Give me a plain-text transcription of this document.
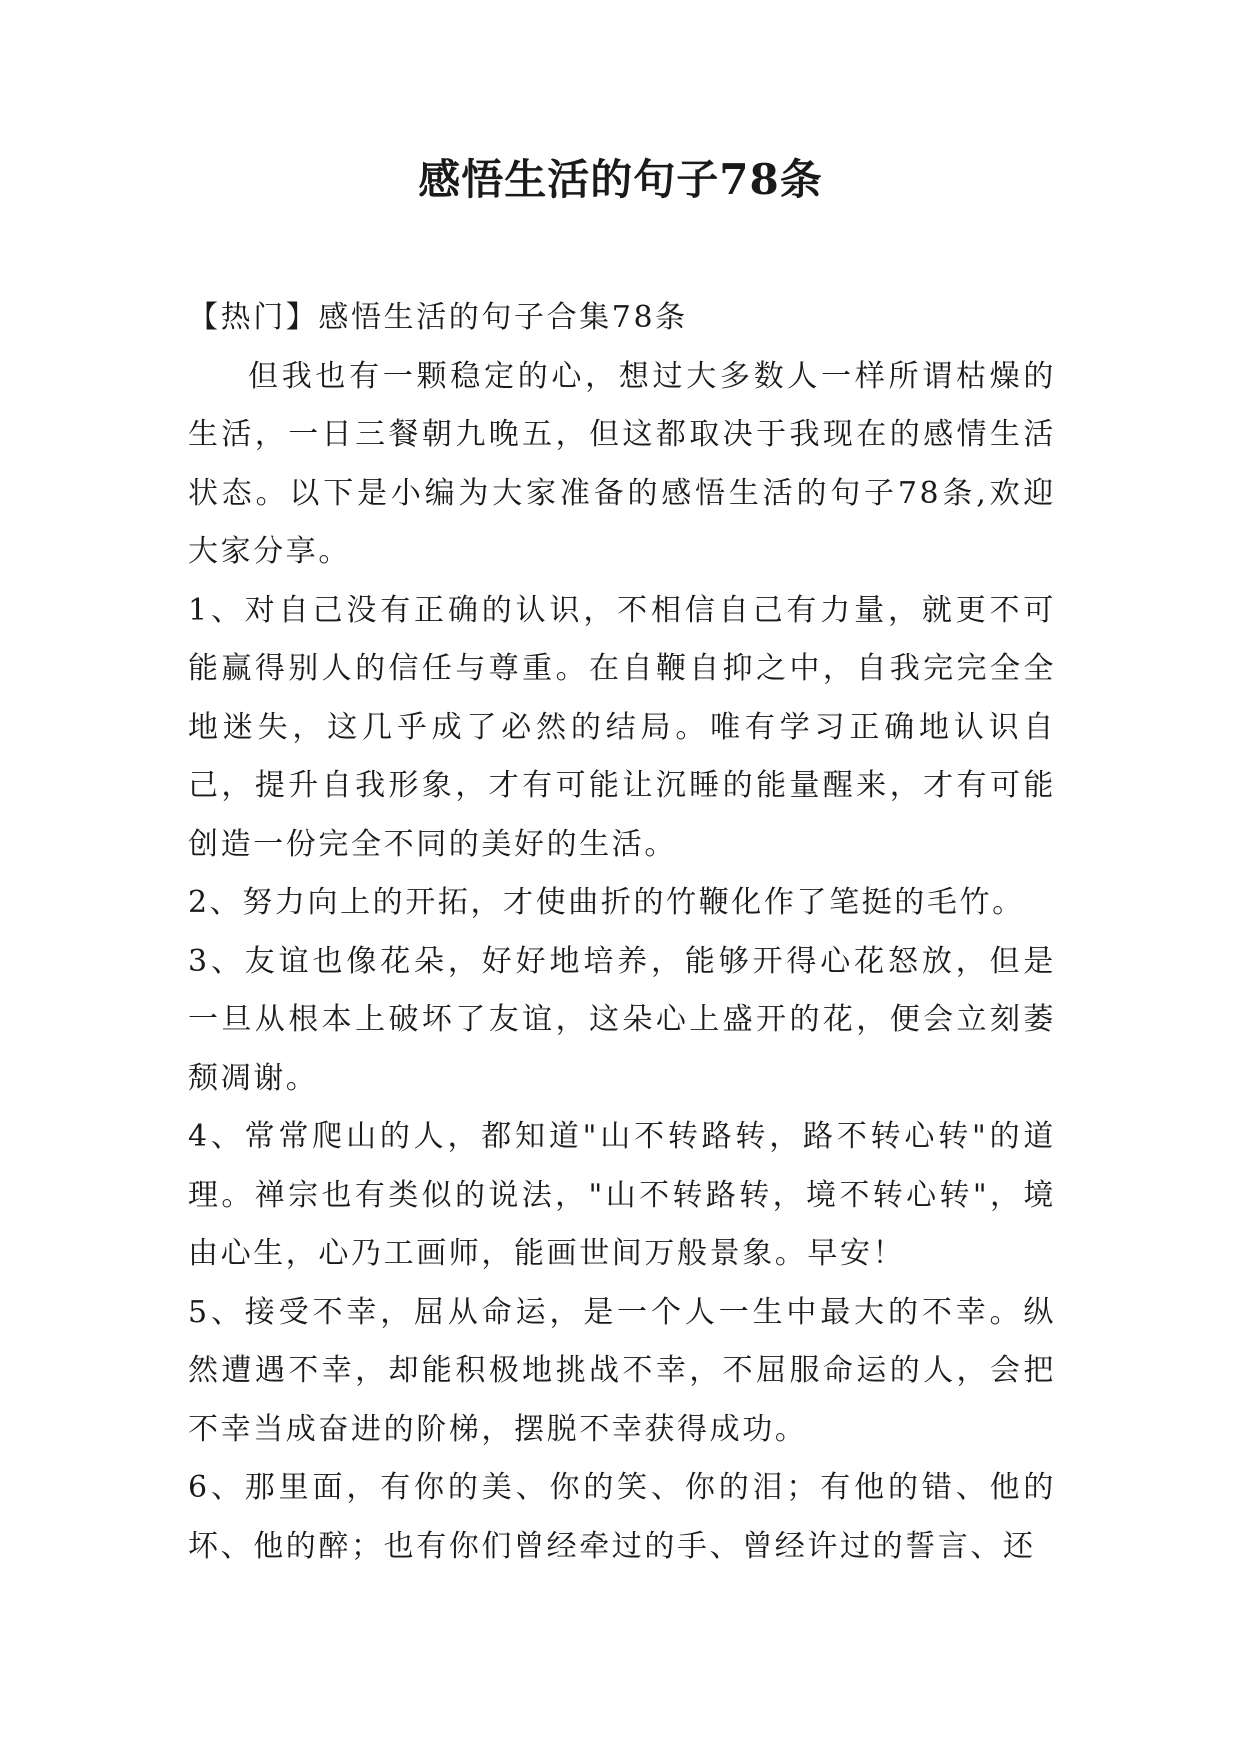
感悟生活的句子78条

【热门】感悟生活的句子合集78条

但我也有一颗稳定的心，想过大多数人一样所谓枯燥的生活，一日三餐朝九晚五，但这都取决于我现在的感情生活状态。以下是小编为大家准备的感悟生活的句子78条,欢迎大家分享。

1、对自己没有正确的认识，不相信自己有力量，就更不可能赢得别人的信任与尊重。在自鞭自抑之中，自我完完全全地迷失，这几乎成了必然的结局。唯有学习正确地认识自己，提升自我形象，才有可能让沉睡的能量醒来，才有可能创造一份完全不同的美好的生活。

2、努力向上的开拓，才使曲折的竹鞭化作了笔挺的毛竹。

3、友谊也像花朵，好好地培养，能够开得心花怒放，但是一旦从根本上破坏了友谊，这朵心上盛开的花，便会立刻萎颓凋谢。

4、常常爬山的人，都知道"山不转路转，路不转心转"的道理。禅宗也有类似的说法，"山不转路转，境不转心转"，境由心生，心乃工画师，能画世间万般景象。早安！

5、接受不幸，屈从命运，是一个人一生中最大的不幸。纵然遭遇不幸，却能积极地挑战不幸，不屈服命运的人，会把不幸当成奋进的阶梯，摆脱不幸获得成功。

6、那里面，有你的美、你的笑、你的泪；有他的错、他的坏、他的醉；也有你们曾经牵过的手、曾经许过的誓言、还
